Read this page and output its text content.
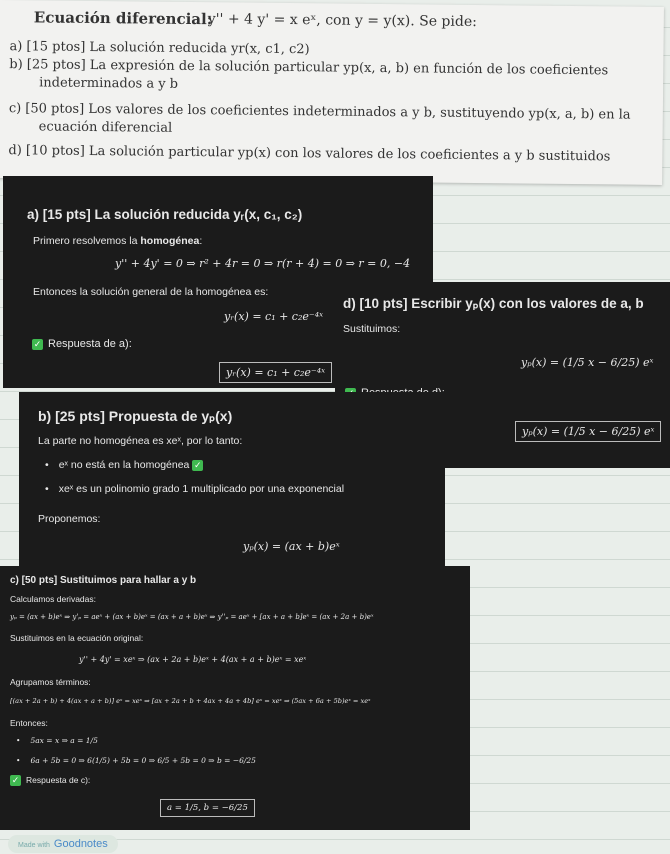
Ecuación diferencial:
y'' + 4 y' = x eˣ, con y = y(x). Se pide:
a) [15 ptos] La solución reducida yr(x, c1, c2)
b) [25 ptos] La expresión de la solución particular yp(x, a, b) en función de los coeficientes
indeterminados a y b
c) [50 ptos] Los valores de los coeficientes indeterminados a y b, sustituyendo yp(x, a, b) en la
ecuación diferencial
d) [10 ptos] La solución particular yp(x) con los valores de los coeficientes a y b sustituidos
a) [15 pts] La solución reducida yᵣ(x, c₁, c₂)
Primero resolvemos la homogénea:
y'' + 4y' = 0 ⇒ r² + 4r = 0 ⇒ r(r + 4) = 0 ⇒ r = 0, −4
Entonces la solución general de la homogénea es:
yᵣ(x) = c₁ + c₂e⁻⁴ˣ
✓ Respuesta de a):
yᵣ(x) = c₁ + c₂e⁻⁴ˣ
d) [10 pts] Escribir yₚ(x) con los valores de a, b
Sustituimos:
yₚ(x) = (1/5 x − 6/25) eˣ
yₚ(x) = (1/5 x − 6/25) eˣ
b) [25 pts] Propuesta de yₚ(x)
La parte no homogénea es xeˣ, por lo tanto:
• eˣ no está en la homogénea ✓
• xeˣ es un polinomio grado 1 multiplicado por una exponencial
Proponemos:
yₚ(x) = (ax + b)eˣ
c) [50 pts] Sustituimos para hallar a y b
Calculamos derivadas:
yₚ = (ax + b)eˣ ⇒ y'ₚ = aeˣ + (ax + b)eˣ = (ax + a + b)eˣ ⇒ y''ₚ = aeˣ + [ax + a + b]eˣ = (ax + 2a + b)eˣ
Sustituimos en la ecuación original:
y'' + 4y' = xeˣ ⇒ (ax + 2a + b)eˣ + 4(ax + a + b)eˣ = xeˣ
Agrupamos términos:
[(ax + 2a + b) + 4(ax + a + b)] eˣ = xeˣ ⇒ [ax + 2a + b + 4ax + 4a + 4b] eˣ = xeˣ ⇒ (5ax + 6a + 5b)eˣ = xeˣ
Entonces:
• 5ax = x ⇒ a = 1/5
• 6a + 5b = 0 ⇒ 6(1/5) + 5b = 0 ⇒ 6/5 + 5b = 0 ⇒ b = −6/25
✓ Respuesta de c):
a = 1/5, b = −6/25
Made with Goodnotes
